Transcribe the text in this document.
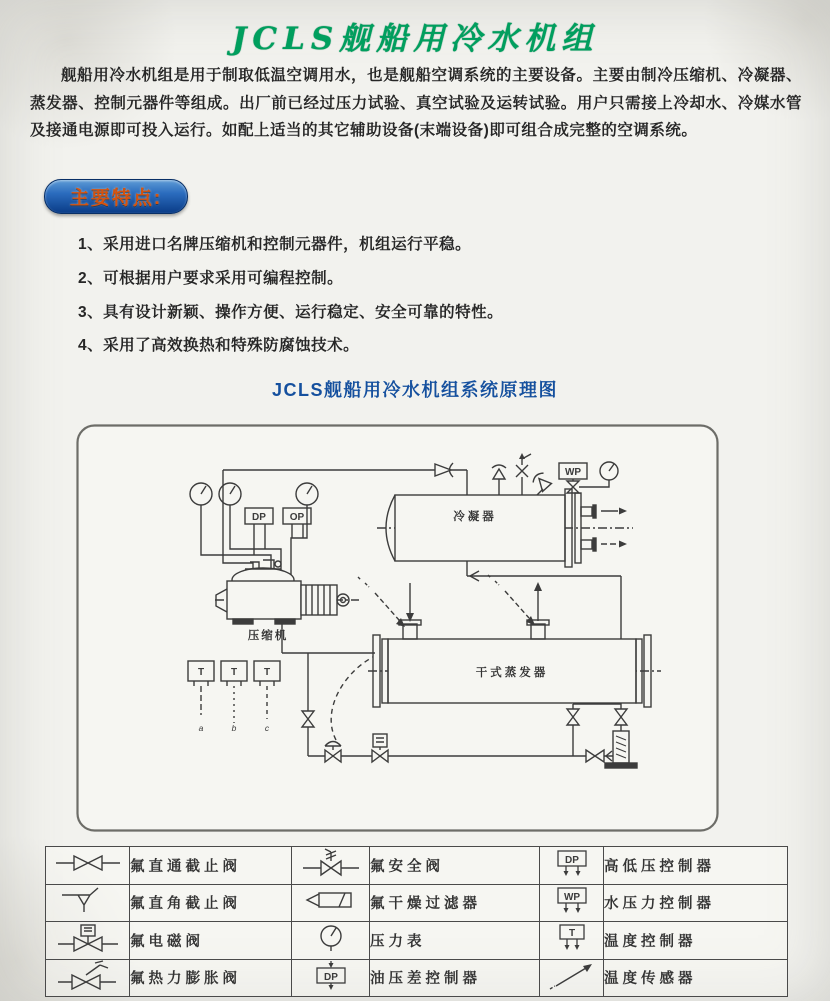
JCLS舰船用冷水机组
舰船用冷水机组是用于制取低温空调用水，也是舰船空调系统的主要设备。主要由制冷压缩机、冷凝器、蒸发器、控制元器件等组成。出厂前已经过压力试验、真空试验及运转试验。用户只需接上冷却水、冷媒水管及接通电源即可投入运行。如配上适当的其它辅助设备(末端设备)即可组合成完整的空调系统。
主要特点:
1、采用进口名牌压缩机和控制元器件，机组运行平稳。
2、可根据用户要求采用可编程控制。
3、具有设计新颖、操作方便、运行稳定、安全可靠的特性。
4、采用了高效换热和特殊防腐蚀技术。
JCLS舰船用冷水机组系统原理图
DP OP
压缩机
冷凝器
WP
干式蒸发器
T
a
T
b
T
c
	氟直通截止阀		氟安全阀	DP	高低压控制器
	氟直角截止阀		氟干燥过滤器	WP	水压力控制器
	氟电磁阀		压力表	T	温度控制器
	氟热力膨胀阀	DP	油压差控制器		温度传感器
